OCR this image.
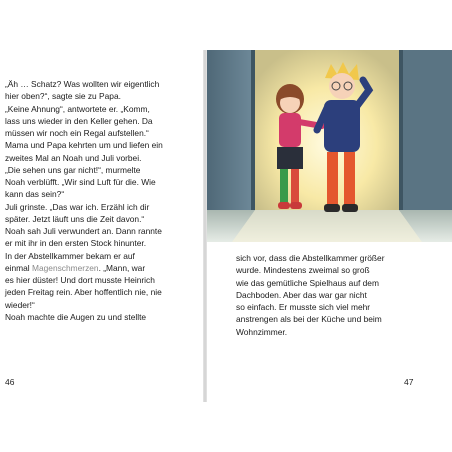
„Äh … Schatz? Was wollten wir eigentlich
hier oben?“, sagte sie zu Papa.
„Keine Ahnung“, antwortete er. „Komm,
lass uns wieder in den Keller gehen. Da
müssen wir noch ein Regal aufstellen.“
Mama und Papa kehrten um und liefen ein
zweites Mal an Noah und Juli vorbei.
„Die sehen uns gar nicht!“, murmelte
Noah verblüfft. „Wir sind Luft für die. Wie
kann das sein?“
Juli grinste. „Das war ich. Erzähl ich dir
später. Jetzt läuft uns die Zeit davon.“
Noah sah Juli verwundert an. Dann rannte
er mit ihr in den ersten Stock hinunter.
In der Abstellkammer bekam er auf
einmal Magenschmerzen. „Mann, war
es hier düster! Und dort musste Heinrich
jeden Freitag rein. Aber hoffentlich nie, nie
wieder!“
Noah machte die Augen zu und stellte
46
sich vor, dass die Abstellkammer größer
wurde. Mindestens zweimal so groß
wie das gemütliche Spielhaus auf dem
Dachboden. Aber das war gar nicht
so einfach. Er musste sich viel mehr
anstrengen als bei der Küche und beim
Wohnzimmer.
47
